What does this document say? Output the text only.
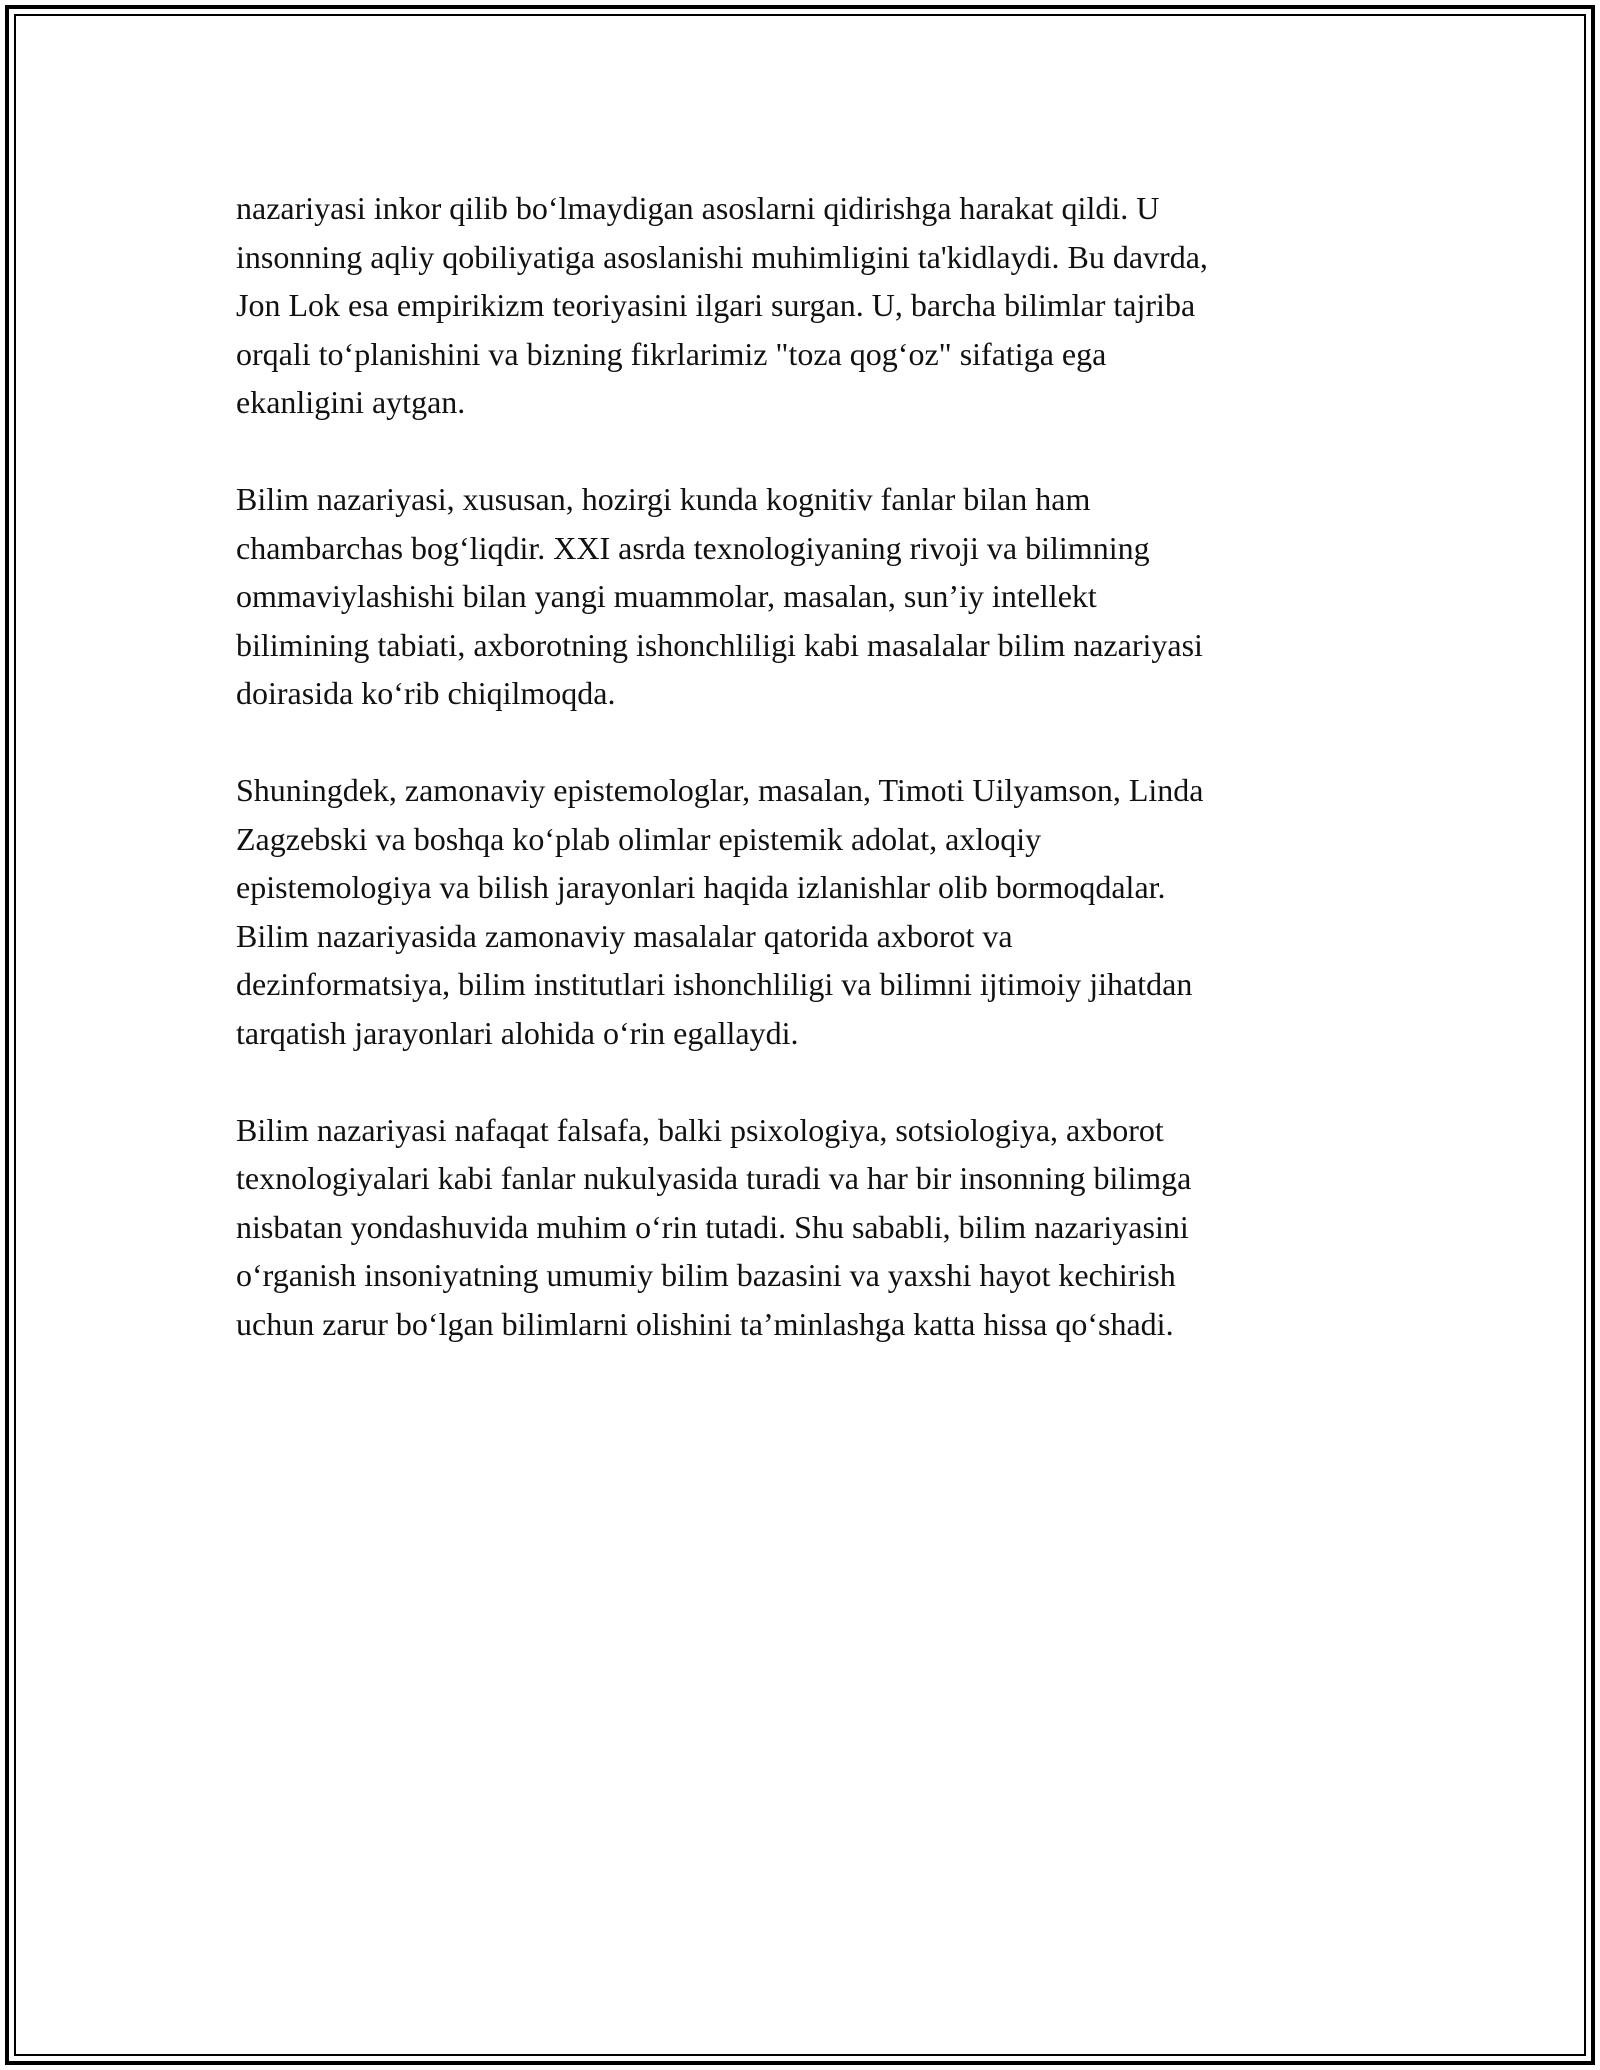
nazariyasi inkor qilib bo‘lmaydigan asoslarni qidirishga harakat qildi. U
insonning aqliy qobiliyatiga asoslanishi muhimligini ta'kidlaydi. Bu davrda,
Jon Lok esa empirikizm teoriyasini ilgari surgan. U, barcha bilimlar tajriba
orqali to‘planishini va bizning fikrlarimiz "toza qog‘oz" sifatiga ega
ekanligini aytgan.

Bilim nazariyasi, xususan, hozirgi kunda kognitiv fanlar bilan ham
chambarchas bog‘liqdir. XXI asrda texnologiyaning rivoji va bilimning
ommaviylashishi bilan yangi muammolar, masalan, sun’iy intellekt
bilimining tabiati, axborotning ishonchliligi kabi masalalar bilim nazariyasi
doirasida ko‘rib chiqilmoqda.

Shuningdek, zamonaviy epistemologlar, masalan, Timoti Uilyamson, Linda
Zagzebski va boshqa ko‘plab olimlar epistemik adolat, axloqiy
epistemologiya va bilish jarayonlari haqida izlanishlar olib bormoqdalar.
Bilim nazariyasida zamonaviy masalalar qatorida axborot va
dezinformatsiya, bilim institutlari ishonchliligi va bilimni ijtimoiy jihatdan
tarqatish jarayonlari alohida o‘rin egallaydi.

Bilim nazariyasi nafaqat falsafa, balki psixologiya, sotsiologiya, axborot
texnologiyalari kabi fanlar nukulyasida turadi va har bir insonning bilimga
nisbatan yondashuvida muhim o‘rin tutadi. Shu sababli, bilim nazariyasini
o‘rganish insoniyatning umumiy bilim bazasini va yaxshi hayot kechirish
uchun zarur bo‘lgan bilimlarni olishini ta’minlashga katta hissa qo‘shadi.
